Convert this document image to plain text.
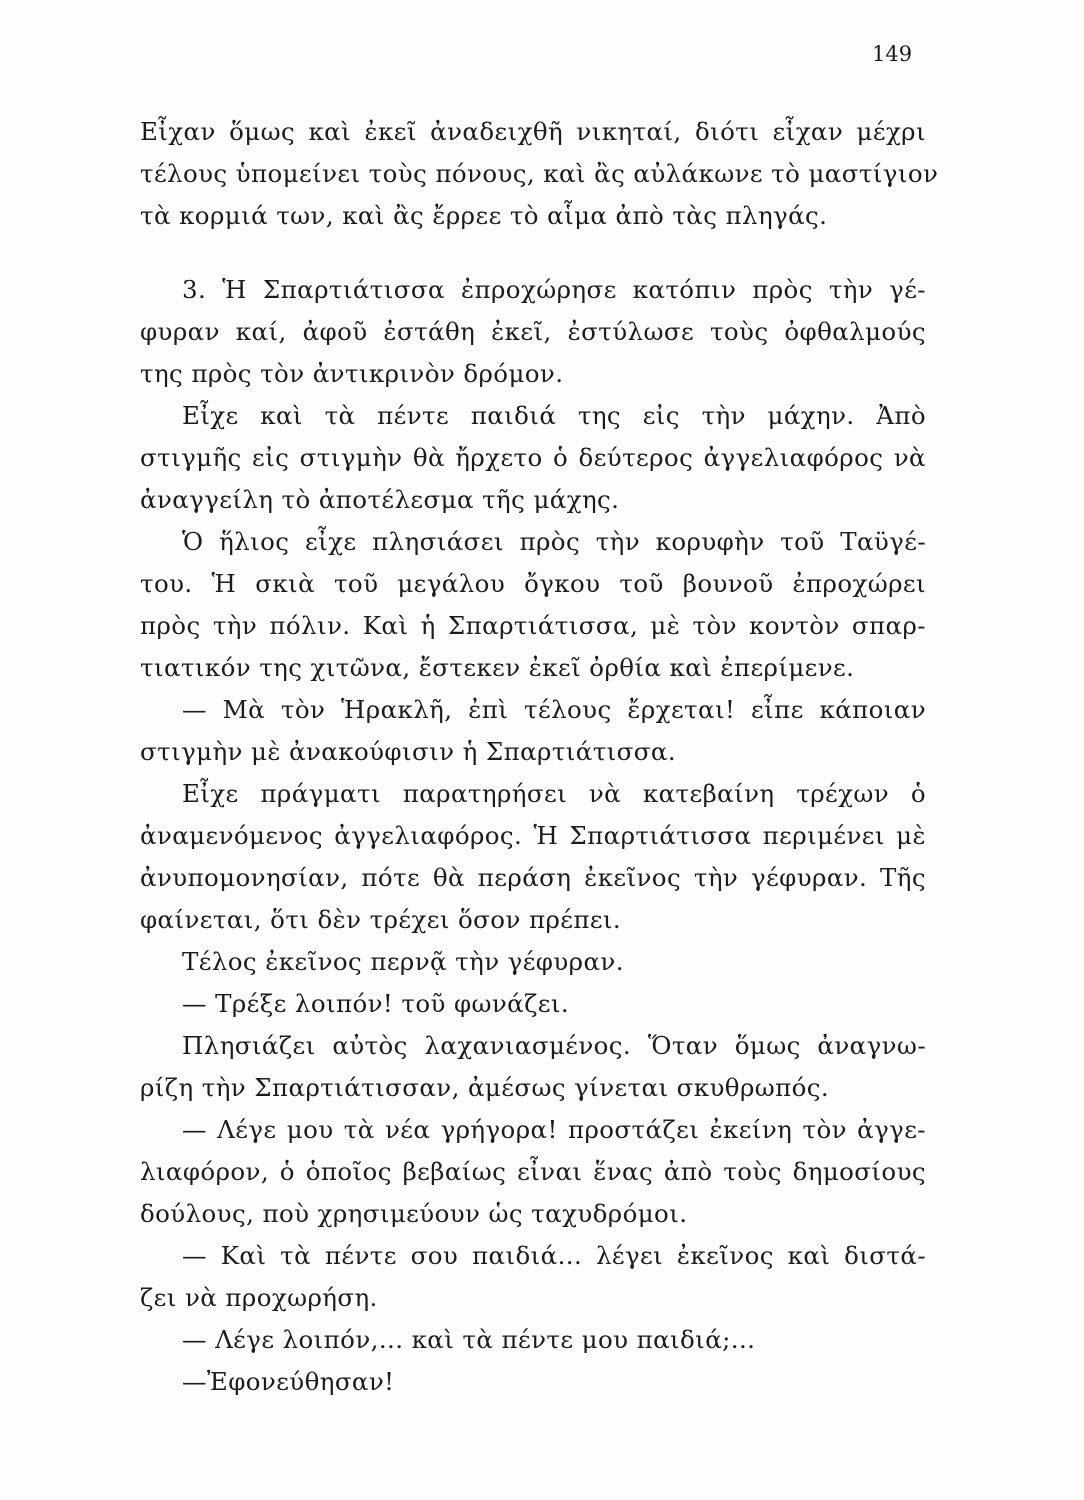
149
Εἶχαν ὅμως καὶ ἐκεῖ ἀναδειχθῆ νικηταί, διότι εἶχαν μέχρι
τέλους ὑπομείνει τοὺς πόνους, καὶ ἂς αὐλάκωνε τὸ μαστίγιον
τὰ κορμιά των, καὶ ἂς ἔρρεε τὸ αἷμα ἀπὸ τὰς πληγάς.
3. Ἡ Σπαρτιάτισσα ἐπροχώρησε κατόπιν πρὸς τὴν γέ-
φυραν καί, ἀφοῦ ἐστάθη ἐκεῖ, ἐστύλωσε τοὺς ὀφθαλμούς
της πρὸς τὸν ἀντικρινὸν δρόμον.
Εἶχε καὶ τὰ πέντε παιδιά της εἰς τὴν μάχην. Ἀπὸ
στιγμῆς εἰς στιγμὴν θὰ ἤρχετο ὁ δεύτερος ἀγγελιαφόρος νὰ
ἀναγγείλη τὸ ἀποτέλεσμα τῆς μάχης.
Ὁ ἥλιος εἶχε πλησιάσει πρὸς τὴν κορυφὴν τοῦ Ταϋγέ-
του. Ἡ σκιὰ τοῦ μεγάλου ὄγκου τοῦ βουνοῦ ἐπροχώρει
πρὸς τὴν πόλιν. Καὶ ἡ Σπαρτιάτισσα, μὲ τὸν κοντὸν σπαρ-
τιατικόν της χιτῶνα, ἔστεκεν ἐκεῖ ὀρθία καὶ ἐπερίμενε.
— Μὰ τὸν Ἡρακλῆ, ἐπὶ τέλους ἔρχεται! εἶπε κάποιαν
στιγμὴν μὲ ἀνακούφισιν ἡ Σπαρτιάτισσα.
Εἶχε πράγματι παρατηρήσει νὰ κατεβαίνη τρέχων ὁ
ἀναμενόμενος ἀγγελιαφόρος. Ἡ Σπαρτιάτισσα περιμένει μὲ
ἀνυπομονησίαν, πότε θὰ περάση ἐκεῖνος τὴν γέφυραν. Τῆς
φαίνεται, ὅτι δὲν τρέχει ὅσον πρέπει.
Τέλος ἐκεῖνος περνᾷ τὴν γέφυραν.
— Τρέξε λοιπόν! τοῦ φωνάζει.
Πλησιάζει αὐτὸς λαχανιασμένος. Ὅταν ὅμως ἀναγνω-
ρίζη τὴν Σπαρτιάτισσαν, ἀμέσως γίνεται σκυθρωπός.
— Λέγε μου τὰ νέα γρήγορα! προστάζει ἐκείνη τὸν ἀγγε-
λιαφόρον, ὁ ὁποῖος βεβαίως εἶναι ἕνας ἀπὸ τοὺς δημοσίους
δούλους, ποὺ χρησιμεύουν ὡς ταχυδρόμοι.
— Καὶ τὰ πέντε σου παιδιά... λέγει ἐκεῖνος καὶ διστά-
ζει νὰ προχωρήση.
— Λέγε λοιπόν,... καὶ τὰ πέντε μου παιδιά;...
—Ἐφονεύθησαν!
